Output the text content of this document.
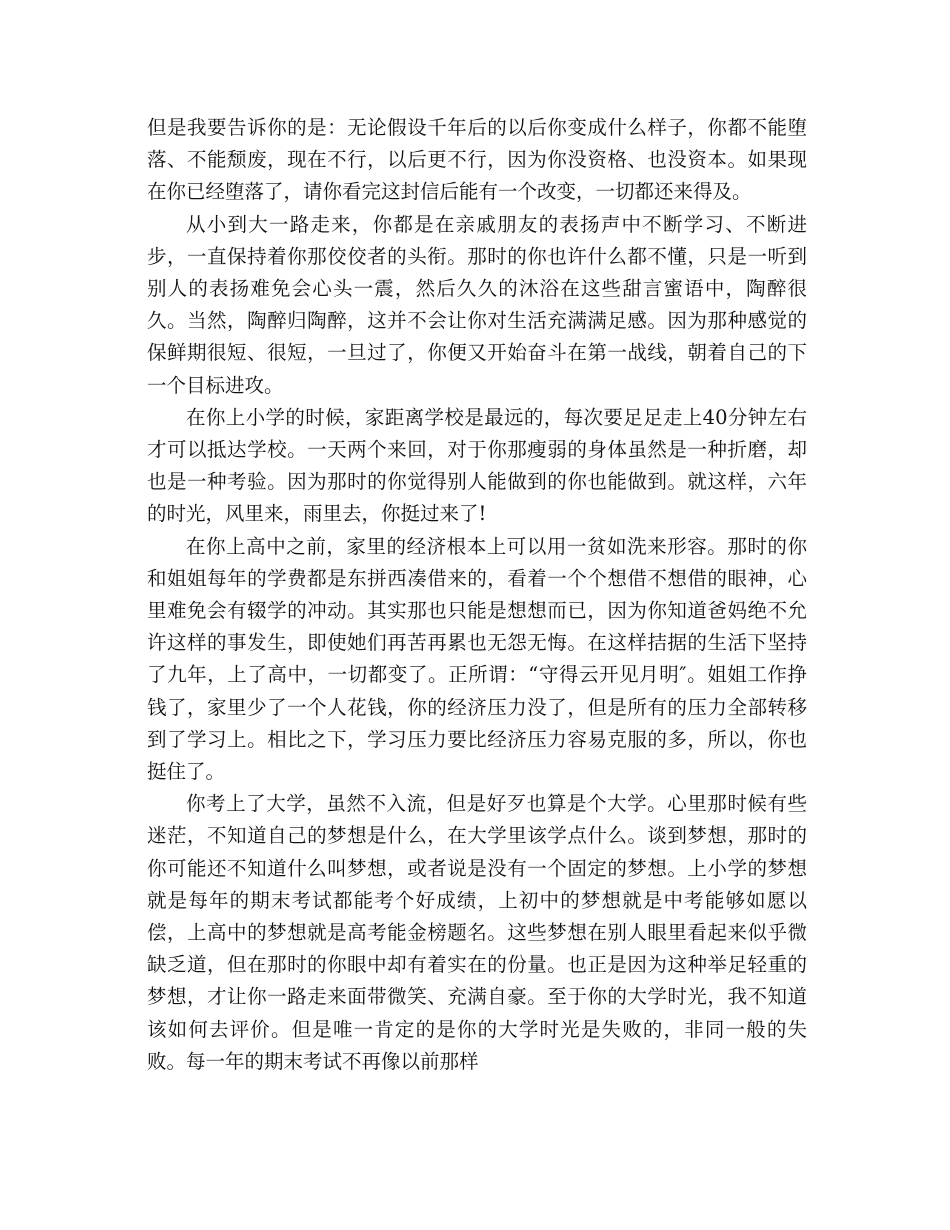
但是我要告诉你的是：无论假设千年后的以后你变成什么样子，你都不能堕落、不能颓废，现在不行，以后更不行，因为你没资格、也没资本。如果现在你已经堕落了，请你看完这封信后能有一个改变，一切都还来得及。

从小到大一路走来，你都是在亲戚朋友的表扬声中不断学习、不断进步，一直保持着你那佼佼者的头衔。那时的你也许什么都不懂，只是一听到别人的表扬难免会心头一震，然后久久的沐浴在这些甜言蜜语中，陶醉很久。当然，陶醉归陶醉，这并不会让你对生活充满满足感。因为那种感觉的保鲜期很短、很短，一旦过了，你便又开始奋斗在第一战线，朝着自己的下一个目标进攻。

在你上小学的时候，家距离学校是最远的，每次要足足走上40分钟左右才可以抵达学校。一天两个来回，对于你那瘦弱的身体虽然是一种折磨，却也是一种考验。因为那时的你觉得别人能做到的你也能做到。就这样，六年的时光，风里来，雨里去，你挺过来了!

在你上高中之前，家里的经济根本上可以用一贫如洗来形容。那时的你和姐姐每年的学费都是东拼西凑借来的，看着一个个想借不想借的眼神，心里难免会有辍学的冲动。其实那也只能是想想而已，因为你知道爸妈绝不允许这样的事发生，即使她们再苦再累也无怨无悔。在这样拮据的生活下坚持了九年，上了高中，一切都变了。正所谓：“守得云开见月明″。姐姐工作挣钱了，家里少了一个人花钱，你的经济压力没了，但是所有的压力全部转移到了学习上。相比之下，学习压力要比经济压力容易克服的多，所以，你也挺住了。

你考上了大学，虽然不入流，但是好歹也算是个大学。心里那时候有些迷茫，不知道自己的梦想是什么，在大学里该学点什么。谈到梦想，那时的你可能还不知道什么叫梦想，或者说是没有一个固定的梦想。上小学的梦想就是每年的期末考试都能考个好成绩，上初中的梦想就是中考能够如愿以偿，上高中的梦想就是高考能金榜题名。这些梦想在别人眼里看起来似乎微缺乏道，但在那时的你眼中却有着实在的份量。也正是因为这种举足轻重的梦想，才让你一路走来面带微笑、充满自豪。至于你的大学时光，我不知道该如何去评价。但是唯一肯定的是你的大学时光是失败的，非同一般的失败。每一年的期末考试不再像以前那样
